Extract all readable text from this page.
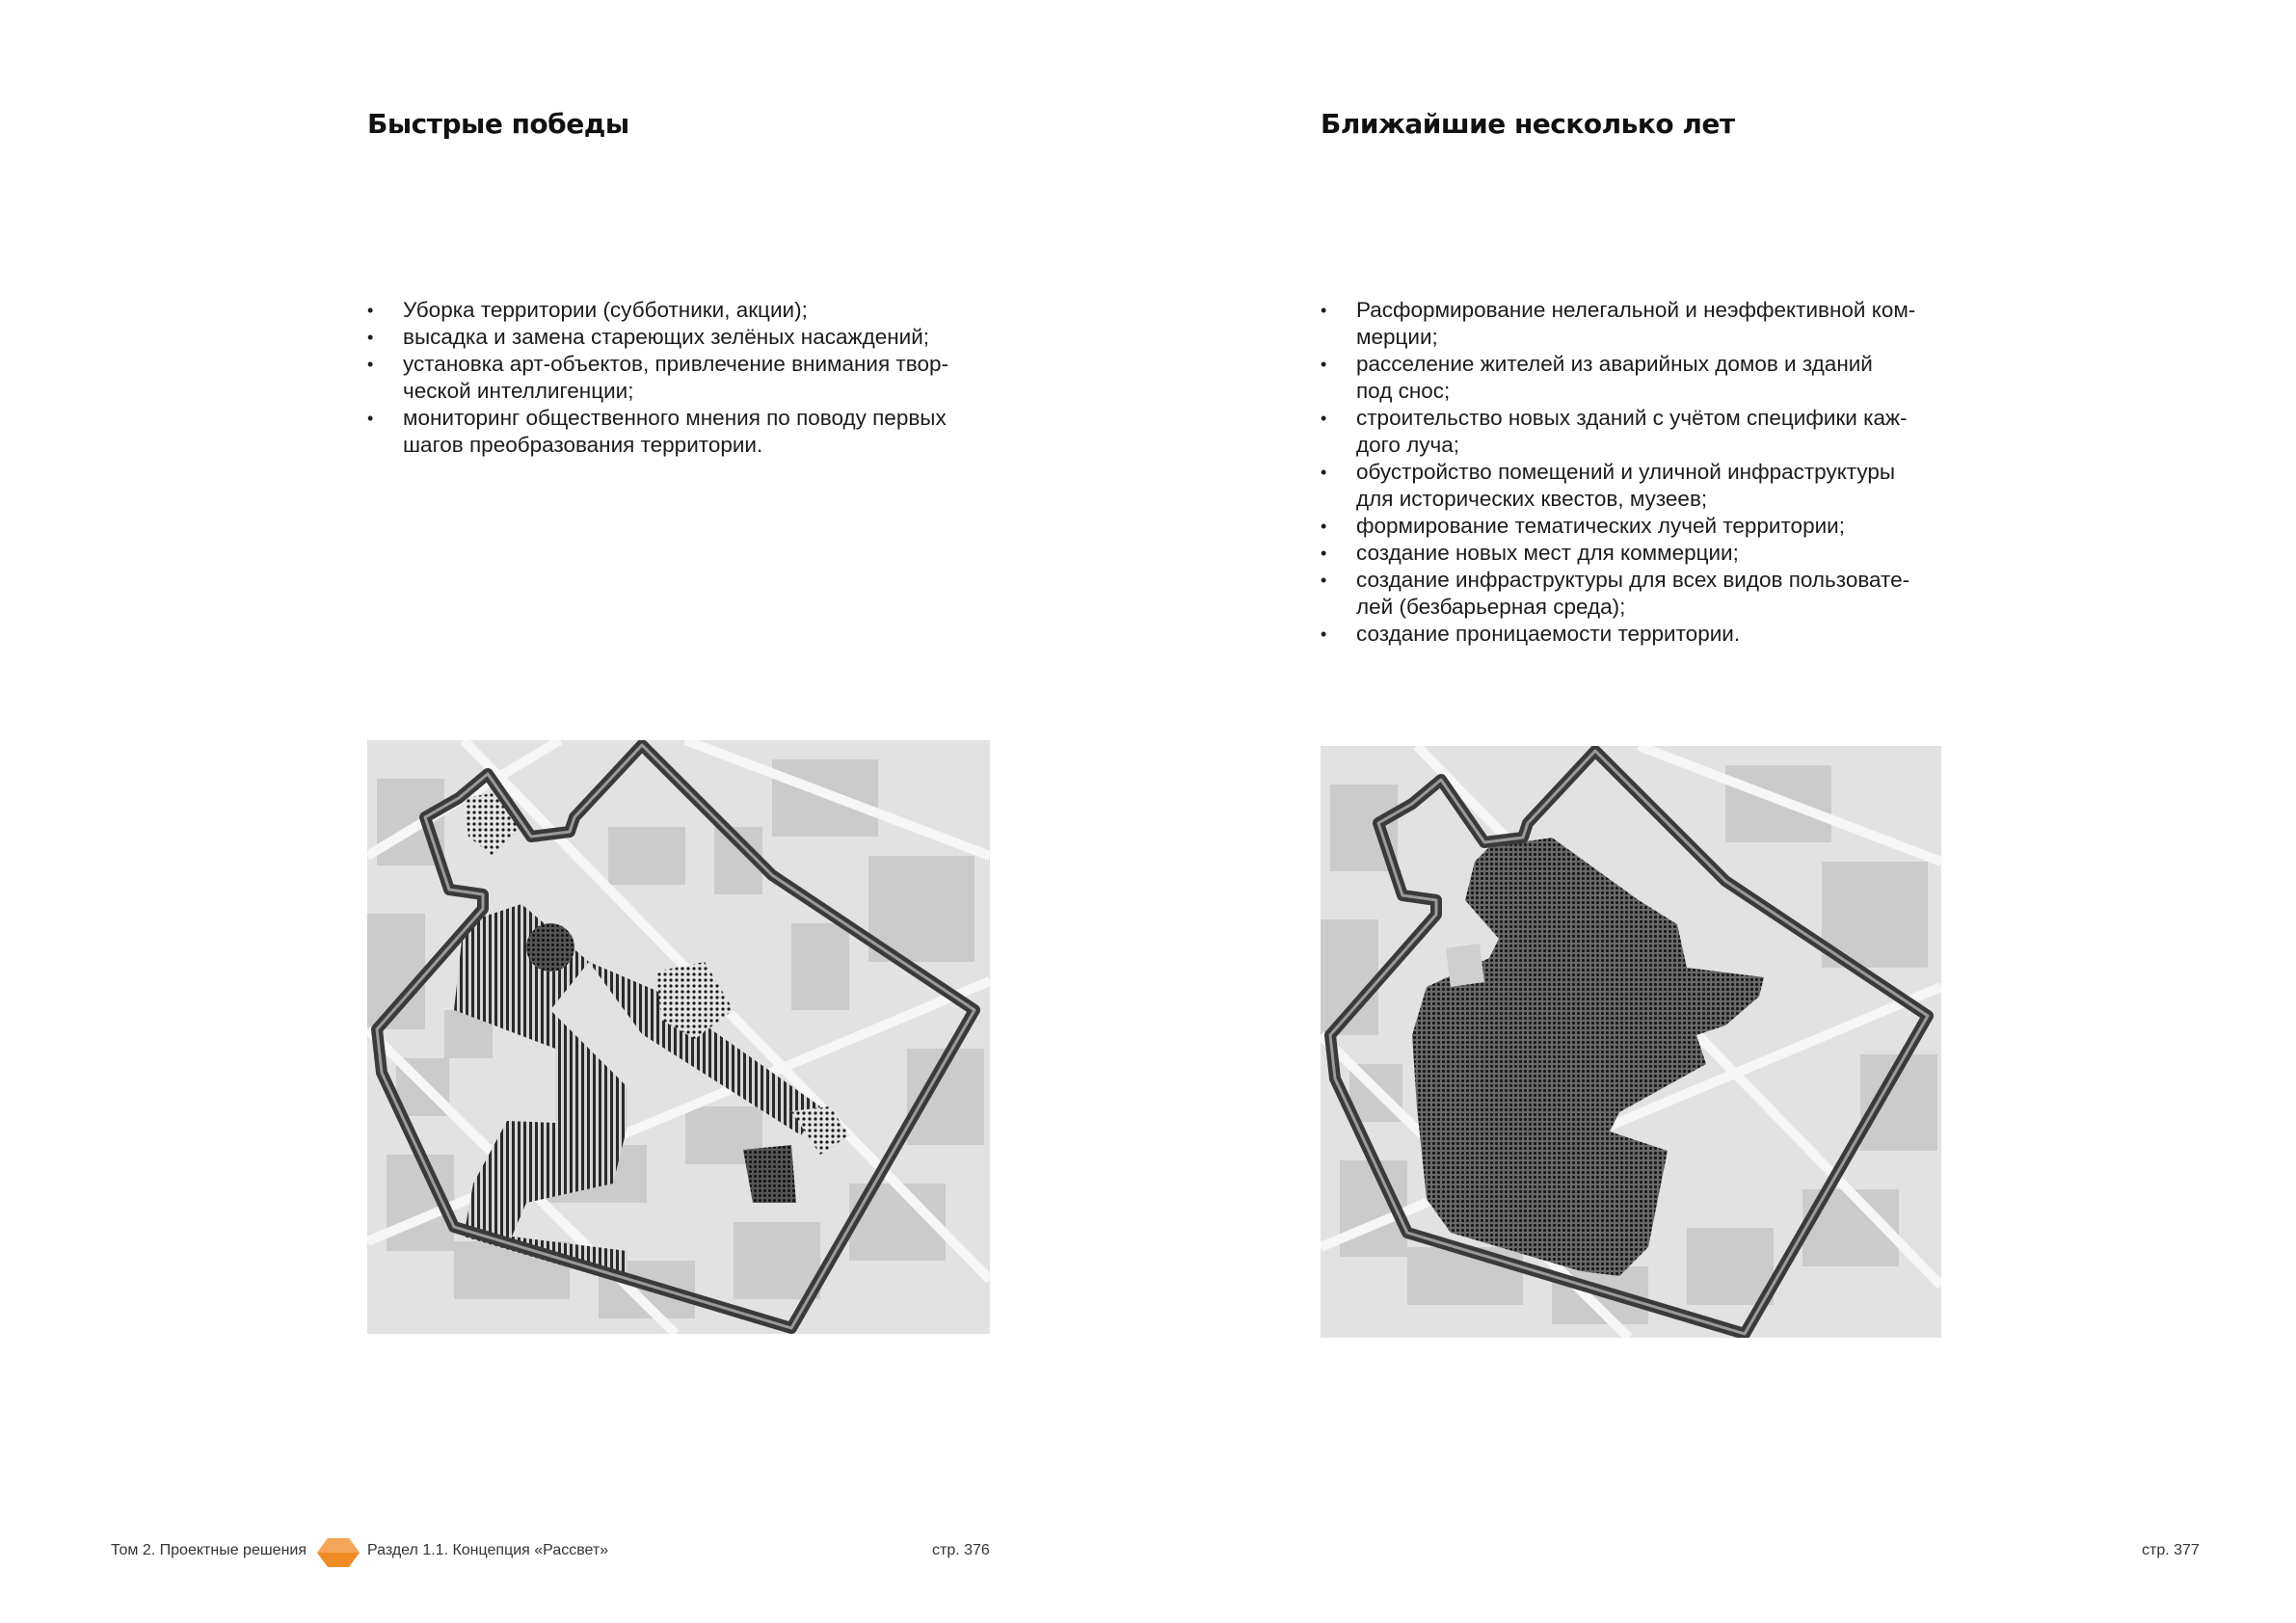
Быстрые победы	Ближайшие несколько лет
• Уборка территории (субботники, акции);
• высадка и замена стареющих зелёных насаждений;
• установка арт-объектов, привлечение внимания твор-
ческой интеллигенции;
• мониторинг общественного мнения по поводу первых
шагов преобразования территории.
• Расформирование нелегальной и неэффективной ком-
мерции;
• расселение жителей из аварийных домов и зданий
под снос;
• строительство новых зданий с учётом специфики каж-
дого луча;
• обустройство помещений и уличной инфраструктуры
для исторических квестов, музеев;
• формирование тематических лучей территории;
• создание новых мест для коммерции;
• создание инфраструктуры для всех видов пользовате-
лей (безбарьерная среда);
• создание проницаемости территории.
Том 2. Проектные решения	Раздел 1.1. Концепция «Рассвет»	стр. 376	стр. 377
